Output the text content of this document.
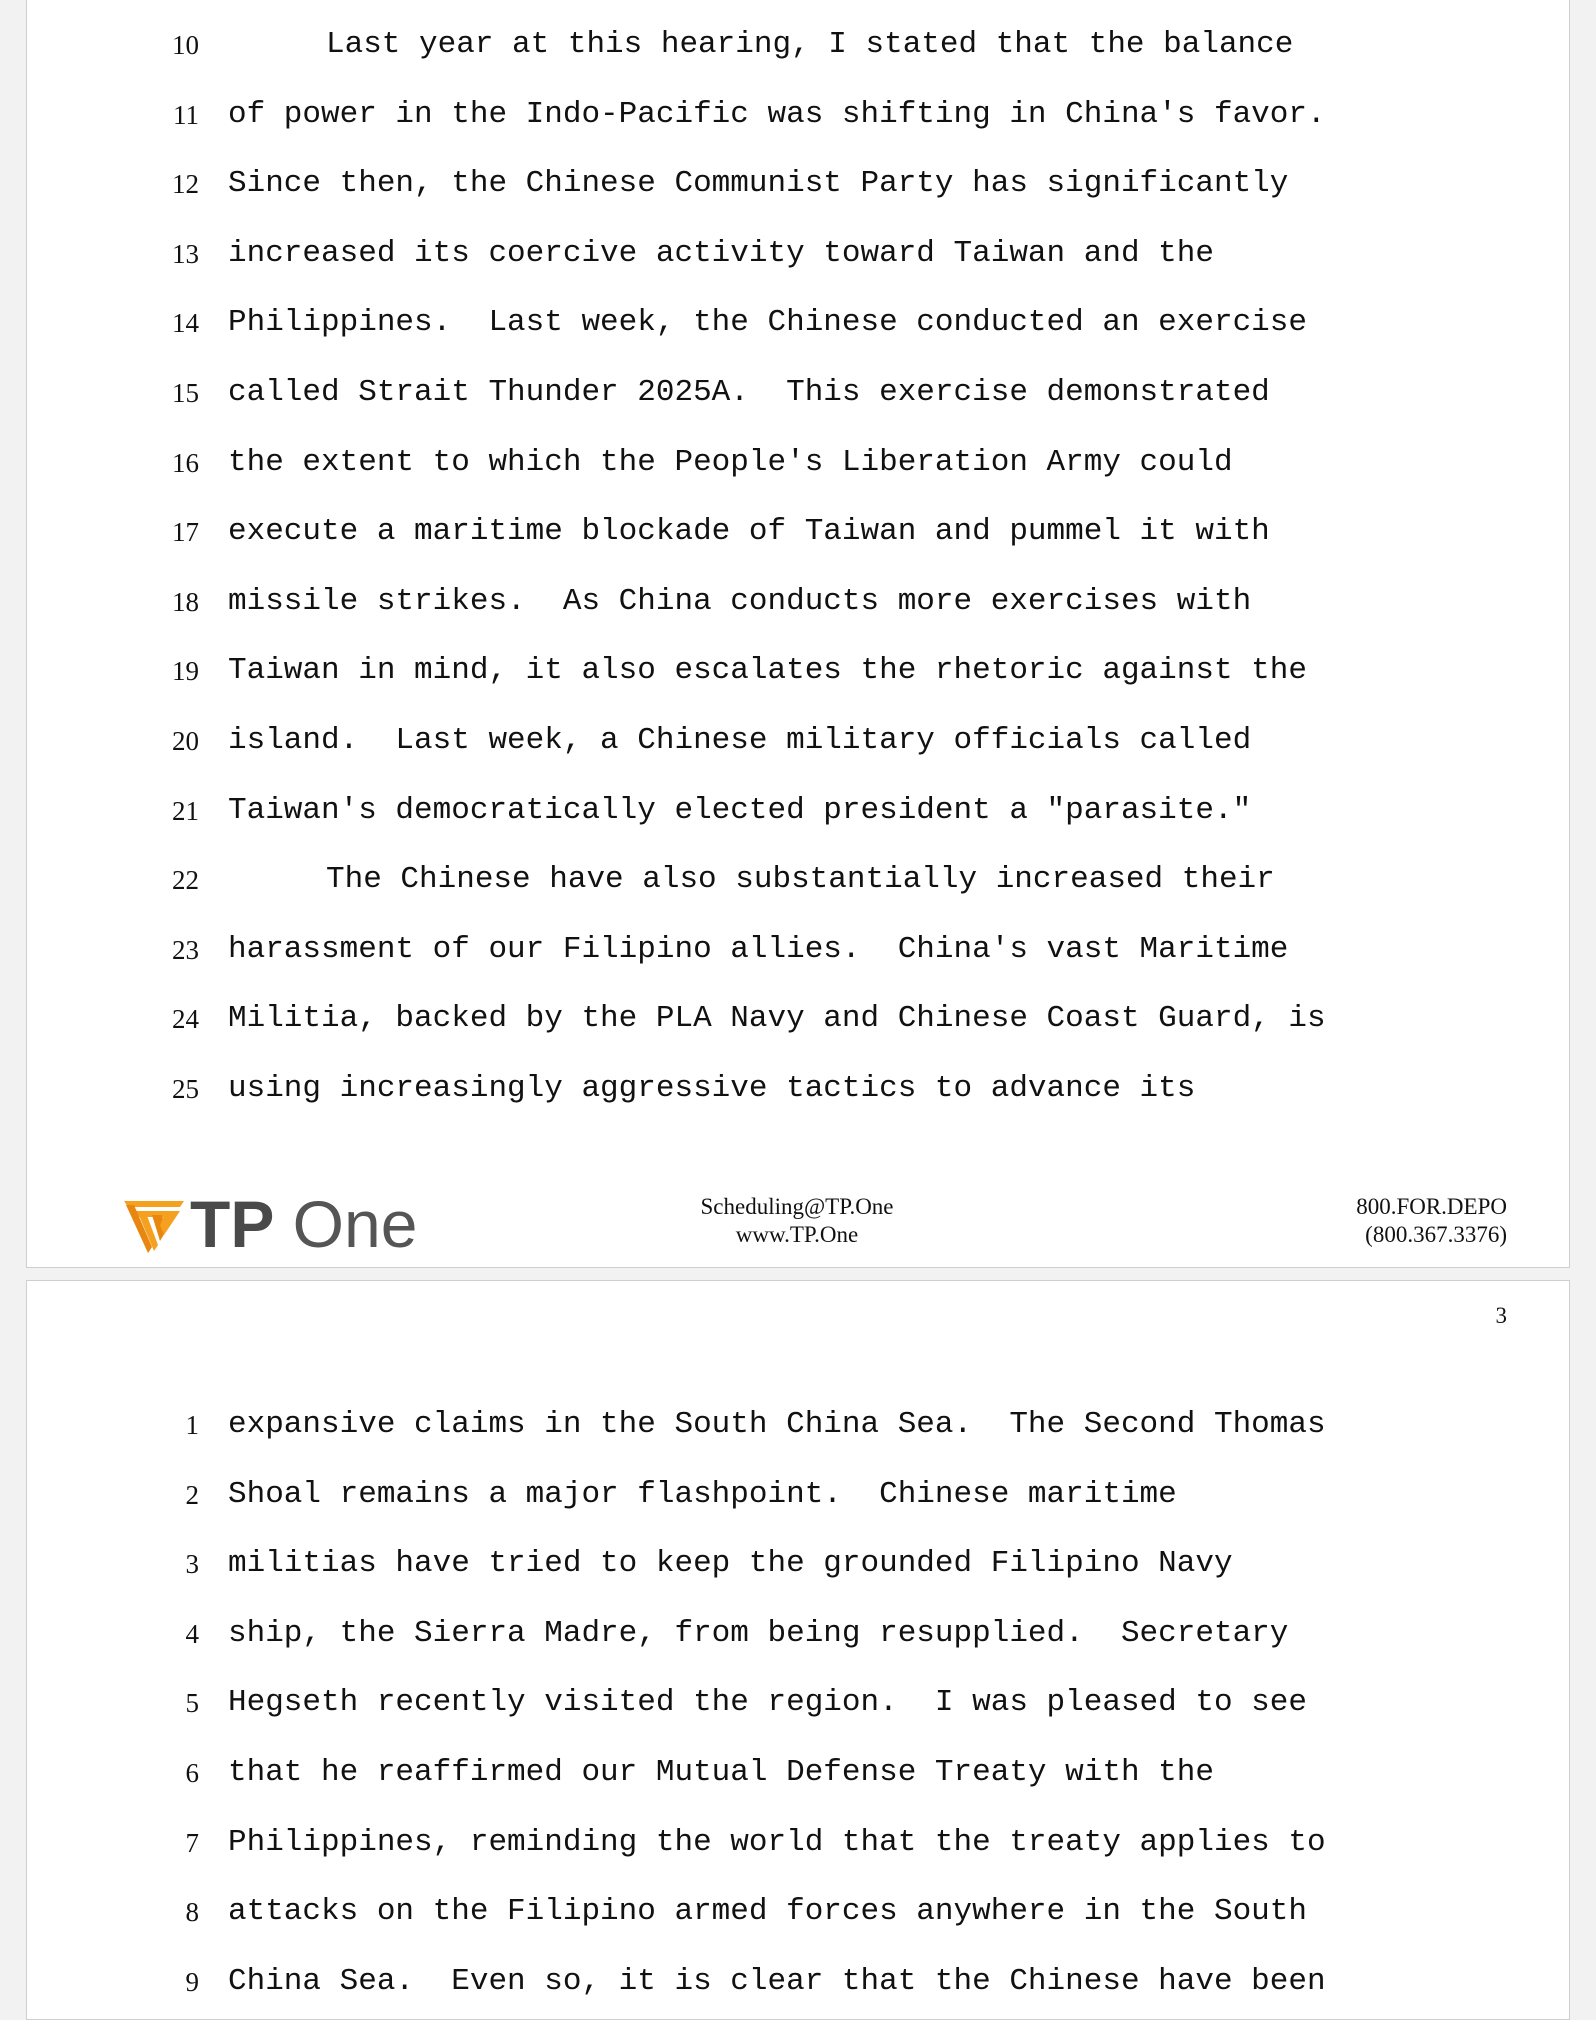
10	Last year at this hearing, I stated that the balance
11 of power in the Indo-Pacific was shifting in China's favor.
12 Since then, the Chinese Communist Party has significantly
13 increased its coercive activity toward Taiwan and the
14 Philippines.  Last week, the Chinese conducted an exercise
15 called Strait Thunder 2025A.  This exercise demonstrated
16 the extent to which the People's Liberation Army could
17 execute a maritime blockade of Taiwan and pummel it with
18 missile strikes.  As China conducts more exercises with
19 Taiwan in mind, it also escalates the rhetoric against the
20 island.  Last week, a Chinese military officials called
21 Taiwan's democratically elected president a "parasite."
22	The Chinese have also substantially increased their
23 harassment of our Filipino allies.  China's vast Maritime
24 Militia, backed by the PLA Navy and Chinese Coast Guard, is
25 using increasingly aggressive tactics to advance its
TP One	Scheduling@TP.One
www.TP.One
800.FOR.DEPO
(800.367.3376)
3
1 expansive claims in the South China Sea.  The Second Thomas
2 Shoal remains a major flashpoint.  Chinese maritime
3 militias have tried to keep the grounded Filipino Navy
4 ship, the Sierra Madre, from being resupplied.  Secretary
5 Hegseth recently visited the region.  I was pleased to see
6 that he reaffirmed our Mutual Defense Treaty with the
7 Philippines, reminding the world that the treaty applies to
8 attacks on the Filipino armed forces anywhere in the South
9 China Sea.  Even so, it is clear that the Chinese have been
